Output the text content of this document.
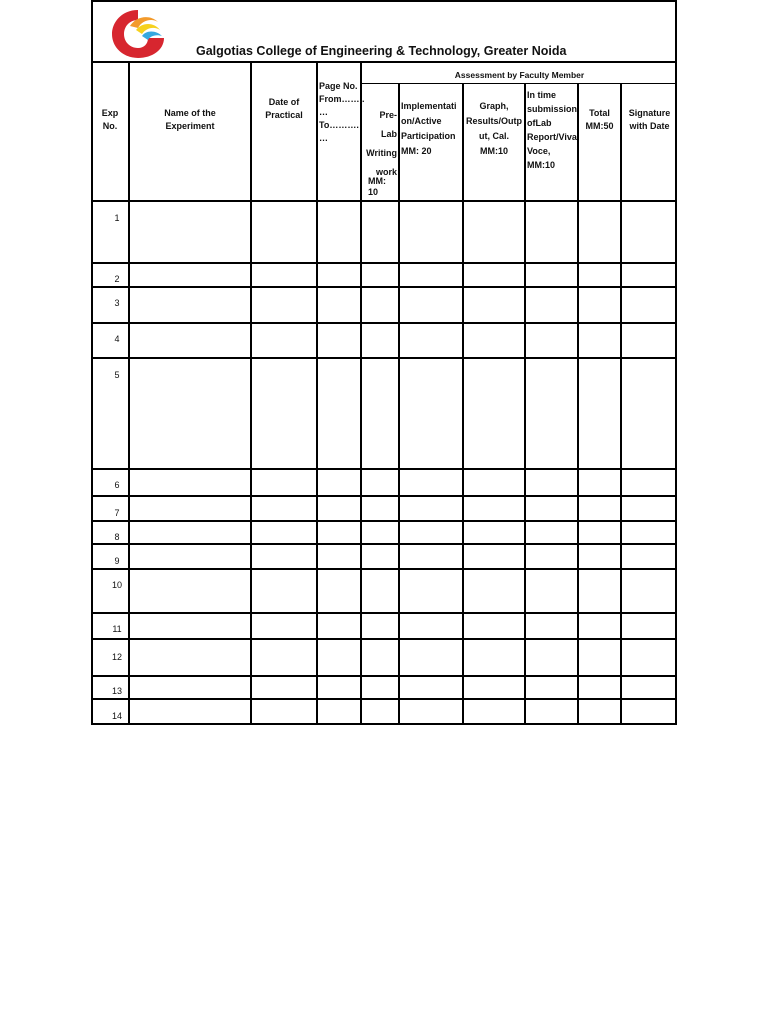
Galgotias College of Engineering & Technology, Greater Noida
Assessment by Faculty Member
Exp
No.
Name of the
Experiment
Date of
Practical
Page No.
From……..
…
To……….
…
Pre-
Lab
Writing
work
MM:
10
Implementati
on/Active
Participation
MM: 20
Graph,
Results/Outp
ut, Cal.
MM:10
In time
submission
ofLab
Report/Viva
Voce,
MM:10
Total
MM:50
Signature
with Date
1
2
3
4
5
6
7
8
9
10
11
12
13
14
